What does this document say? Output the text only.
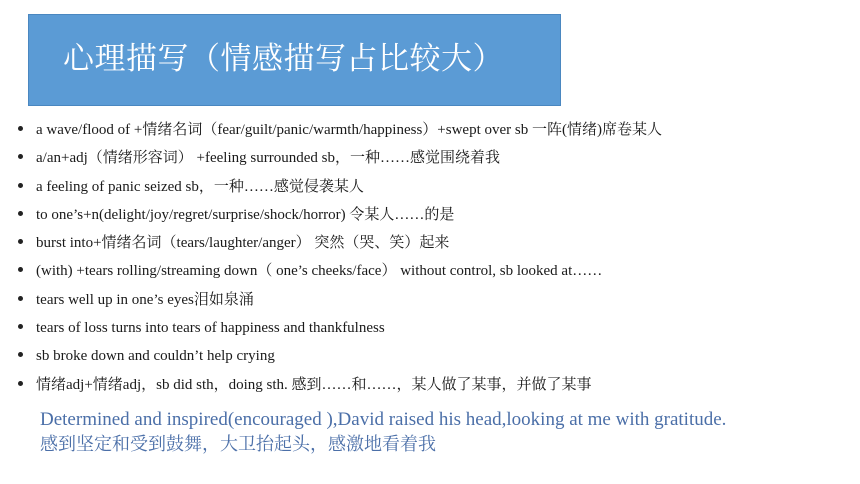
心理描写（情感描写占比较大）
a wave/flood of +情绪名词（fear/guilt/panic/warmth/happiness）+swept over sb 一阵(情绪)席卷某人
a/an+adj（情绪形容词） +feeling surrounded sb，一种……感觉围绕着我
a feeling of panic seized sb，一种……感觉侵袭某人
to one’s+n(delight/joy/regret/surprise/shock/horror) 令某人……的是
burst into+情绪名词（tears/laughter/anger） 突然（哭、笑）起来
(with) +tears rolling/streaming down（ one’s cheeks/face） without control, sb looked at……
tears well up in one’s eyes泪如泉涌
tears of loss turns into tears of happiness and thankfulness
sb broke down and couldn’t help crying
情绪adj+情绪adj，sb did sth，doing sth. 感到……和……，某人做了某事，并做了某事
Determined and inspired(encouraged ),David raised his head,looking at me with gratitude.
感到坚定和受到鼓舞，大卫抬起头，感激地看着我
